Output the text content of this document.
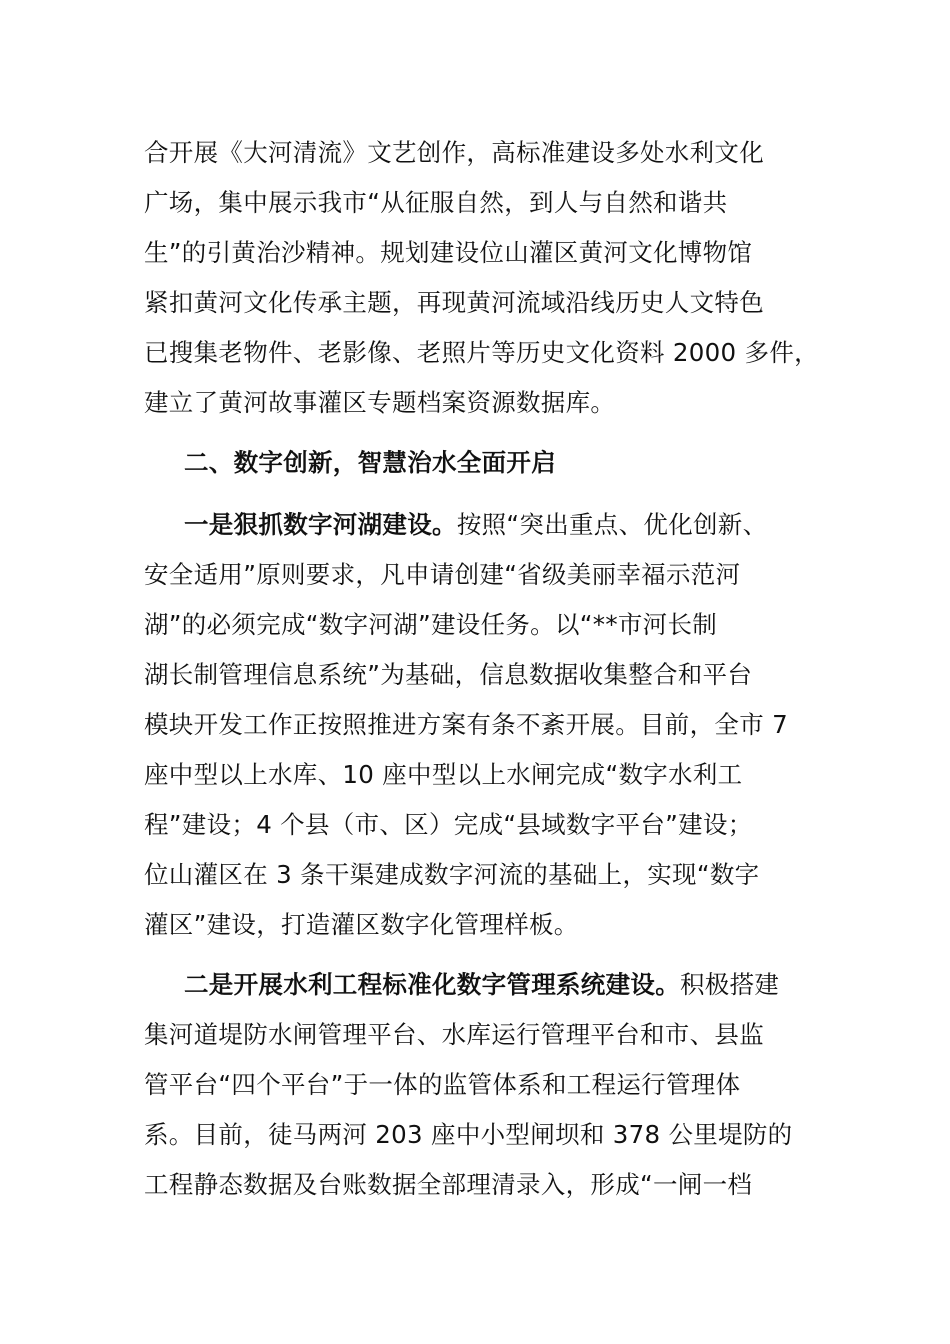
合开展《大河清流》文艺创作，高标准建设多处水利文化
广场，集中展示我市“从征服自然，到人与自然和谐共
生”的引黄治沙精神。规划建设位山灌区黄河文化博物馆
紧扣黄河文化传承主题，再现黄河流域沿线历史人文特色
已搜集老物件、老影像、老照片等历史文化资料 2000 多件，
建立了黄河故事灌区专题档案资源数据库。
二、数字创新，智慧治水全面开启
一是狠抓数字河湖建设。按照“突出重点、优化创新、
安全适用”原则要求，凡申请创建“省级美丽幸福示范河
湖”的必须完成“数字河湖”建设任务。以“**市河长制
湖长制管理信息系统”为基础，信息数据收集整合和平台
模块开发工作正按照推进方案有条不紊开展。目前，全市 7
座中型以上水库、10 座中型以上水闸完成“数字水利工
程”建设；4 个县（市、区）完成“县域数字平台”建设；
位山灌区在 3 条干渠建成数字河流的基础上，实现“数字
灌区”建设，打造灌区数字化管理样板。
二是开展水利工程标准化数字管理系统建设。积极搭建
集河道堤防水闸管理平台、水库运行管理平台和市、县监
管平台“四个平台”于一体的监管体系和工程运行管理体
系。目前，徒马两河 203 座中小型闸坝和 378 公里堤防的
工程静态数据及台账数据全部理清录入，形成“一闸一档
